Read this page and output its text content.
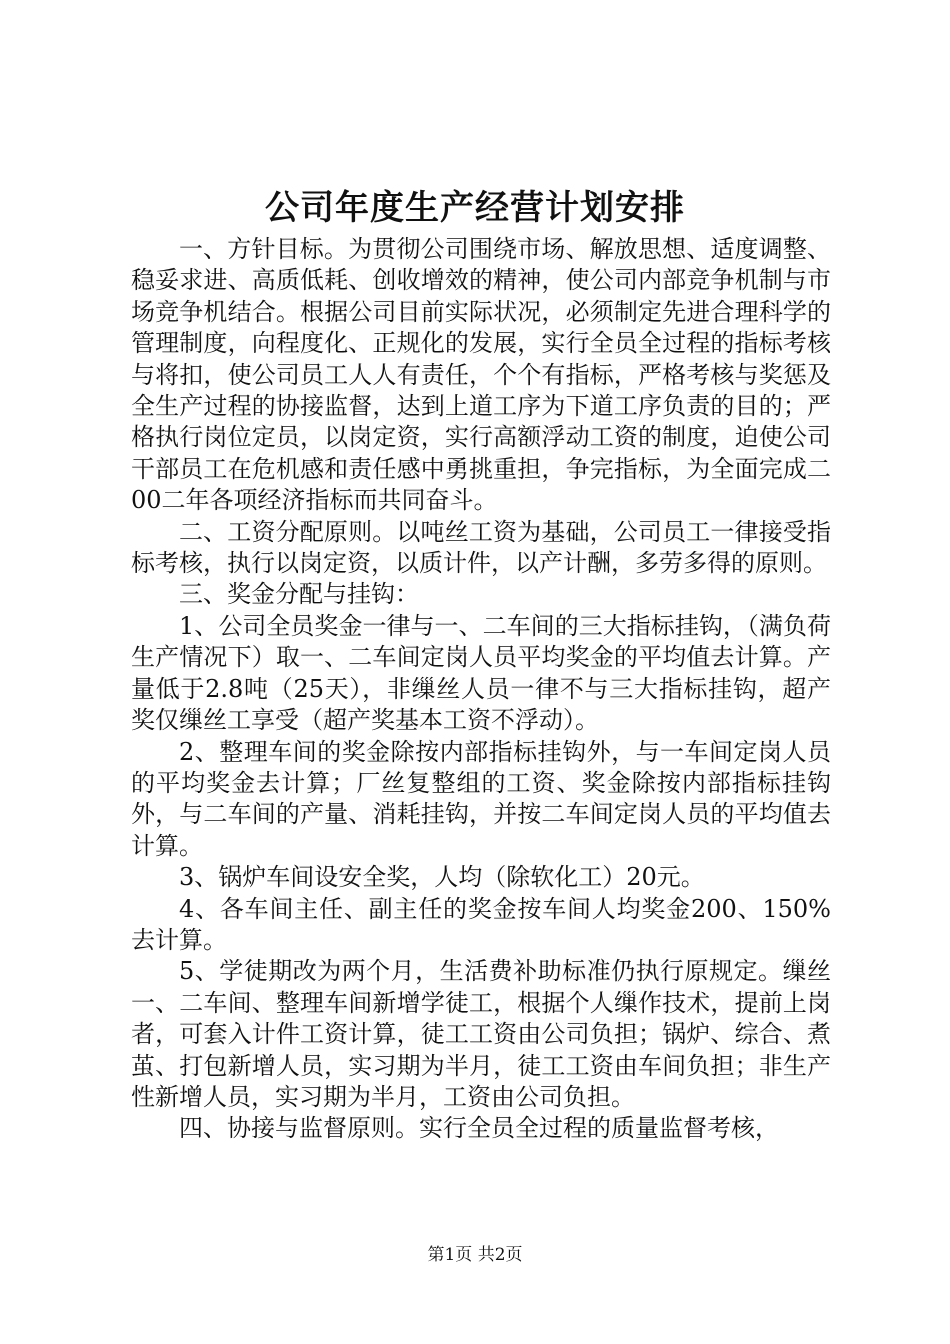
公司年度生产经营计划安排

一、方针目标。为贯彻公司围绕市场、解放思想、适度调整、稳妥求进、高质低耗、创收增效的精神，使公司内部竞争机制与市场竞争机结合。根据公司目前实际状况，必须制定先进合理科学的管理制度，向程度化、正规化的发展，实行全员全过程的指标考核与将扣，使公司员工人人有责任，个个有指标，严格考核与奖惩及全生产过程的协接监督，达到上道工序为下道工序负责的目的；严格执行岗位定员，以岗定资，实行高额浮动工资的制度，迫使公司干部员工在危机感和责任感中勇挑重担，争完指标，为全面完成二00二年各项经济指标而共同奋斗。

二、工资分配原则。以吨丝工资为基础，公司员工一律接受指标考核，执行以岗定资，以质计件，以产计酬，多劳多得的原则。

三、奖金分配与挂钩：

1、公司全员奖金一律与一、二车间的三大指标挂钩，（满负荷生产情况下）取一、二车间定岗人员平均奖金的平均值去计算。产量低于2.8吨（25天），非缫丝人员一律不与三大指标挂钩，超产奖仅缫丝工享受（超产奖基本工资不浮动）。

2、整理车间的奖金除按内部指标挂钩外，与一车间定岗人员的平均奖金去计算；厂丝复整组的工资、奖金除按内部指标挂钩外，与二车间的产量、消耗挂钩，并按二车间定岗人员的平均值去计算。

3、锅炉车间设安全奖，人均（除软化工）20元。

4、各车间主任、副主任的奖金按车间人均奖金200、150%去计算。

5、学徒期改为两个月，生活费补助标准仍执行原规定。缫丝一、二车间、整理车间新增学徒工，根据个人缫作技术，提前上岗者，可套入计件工资计算，徒工工资由公司负担；锅炉、综合、煮茧、打包新增人员，实习期为半月，徒工工资由车间负担；非生产性新增人员，实习期为半月，工资由公司负担。

四、协接与监督原则。实行全员全过程的质量监督考核，

第1页 共2页
